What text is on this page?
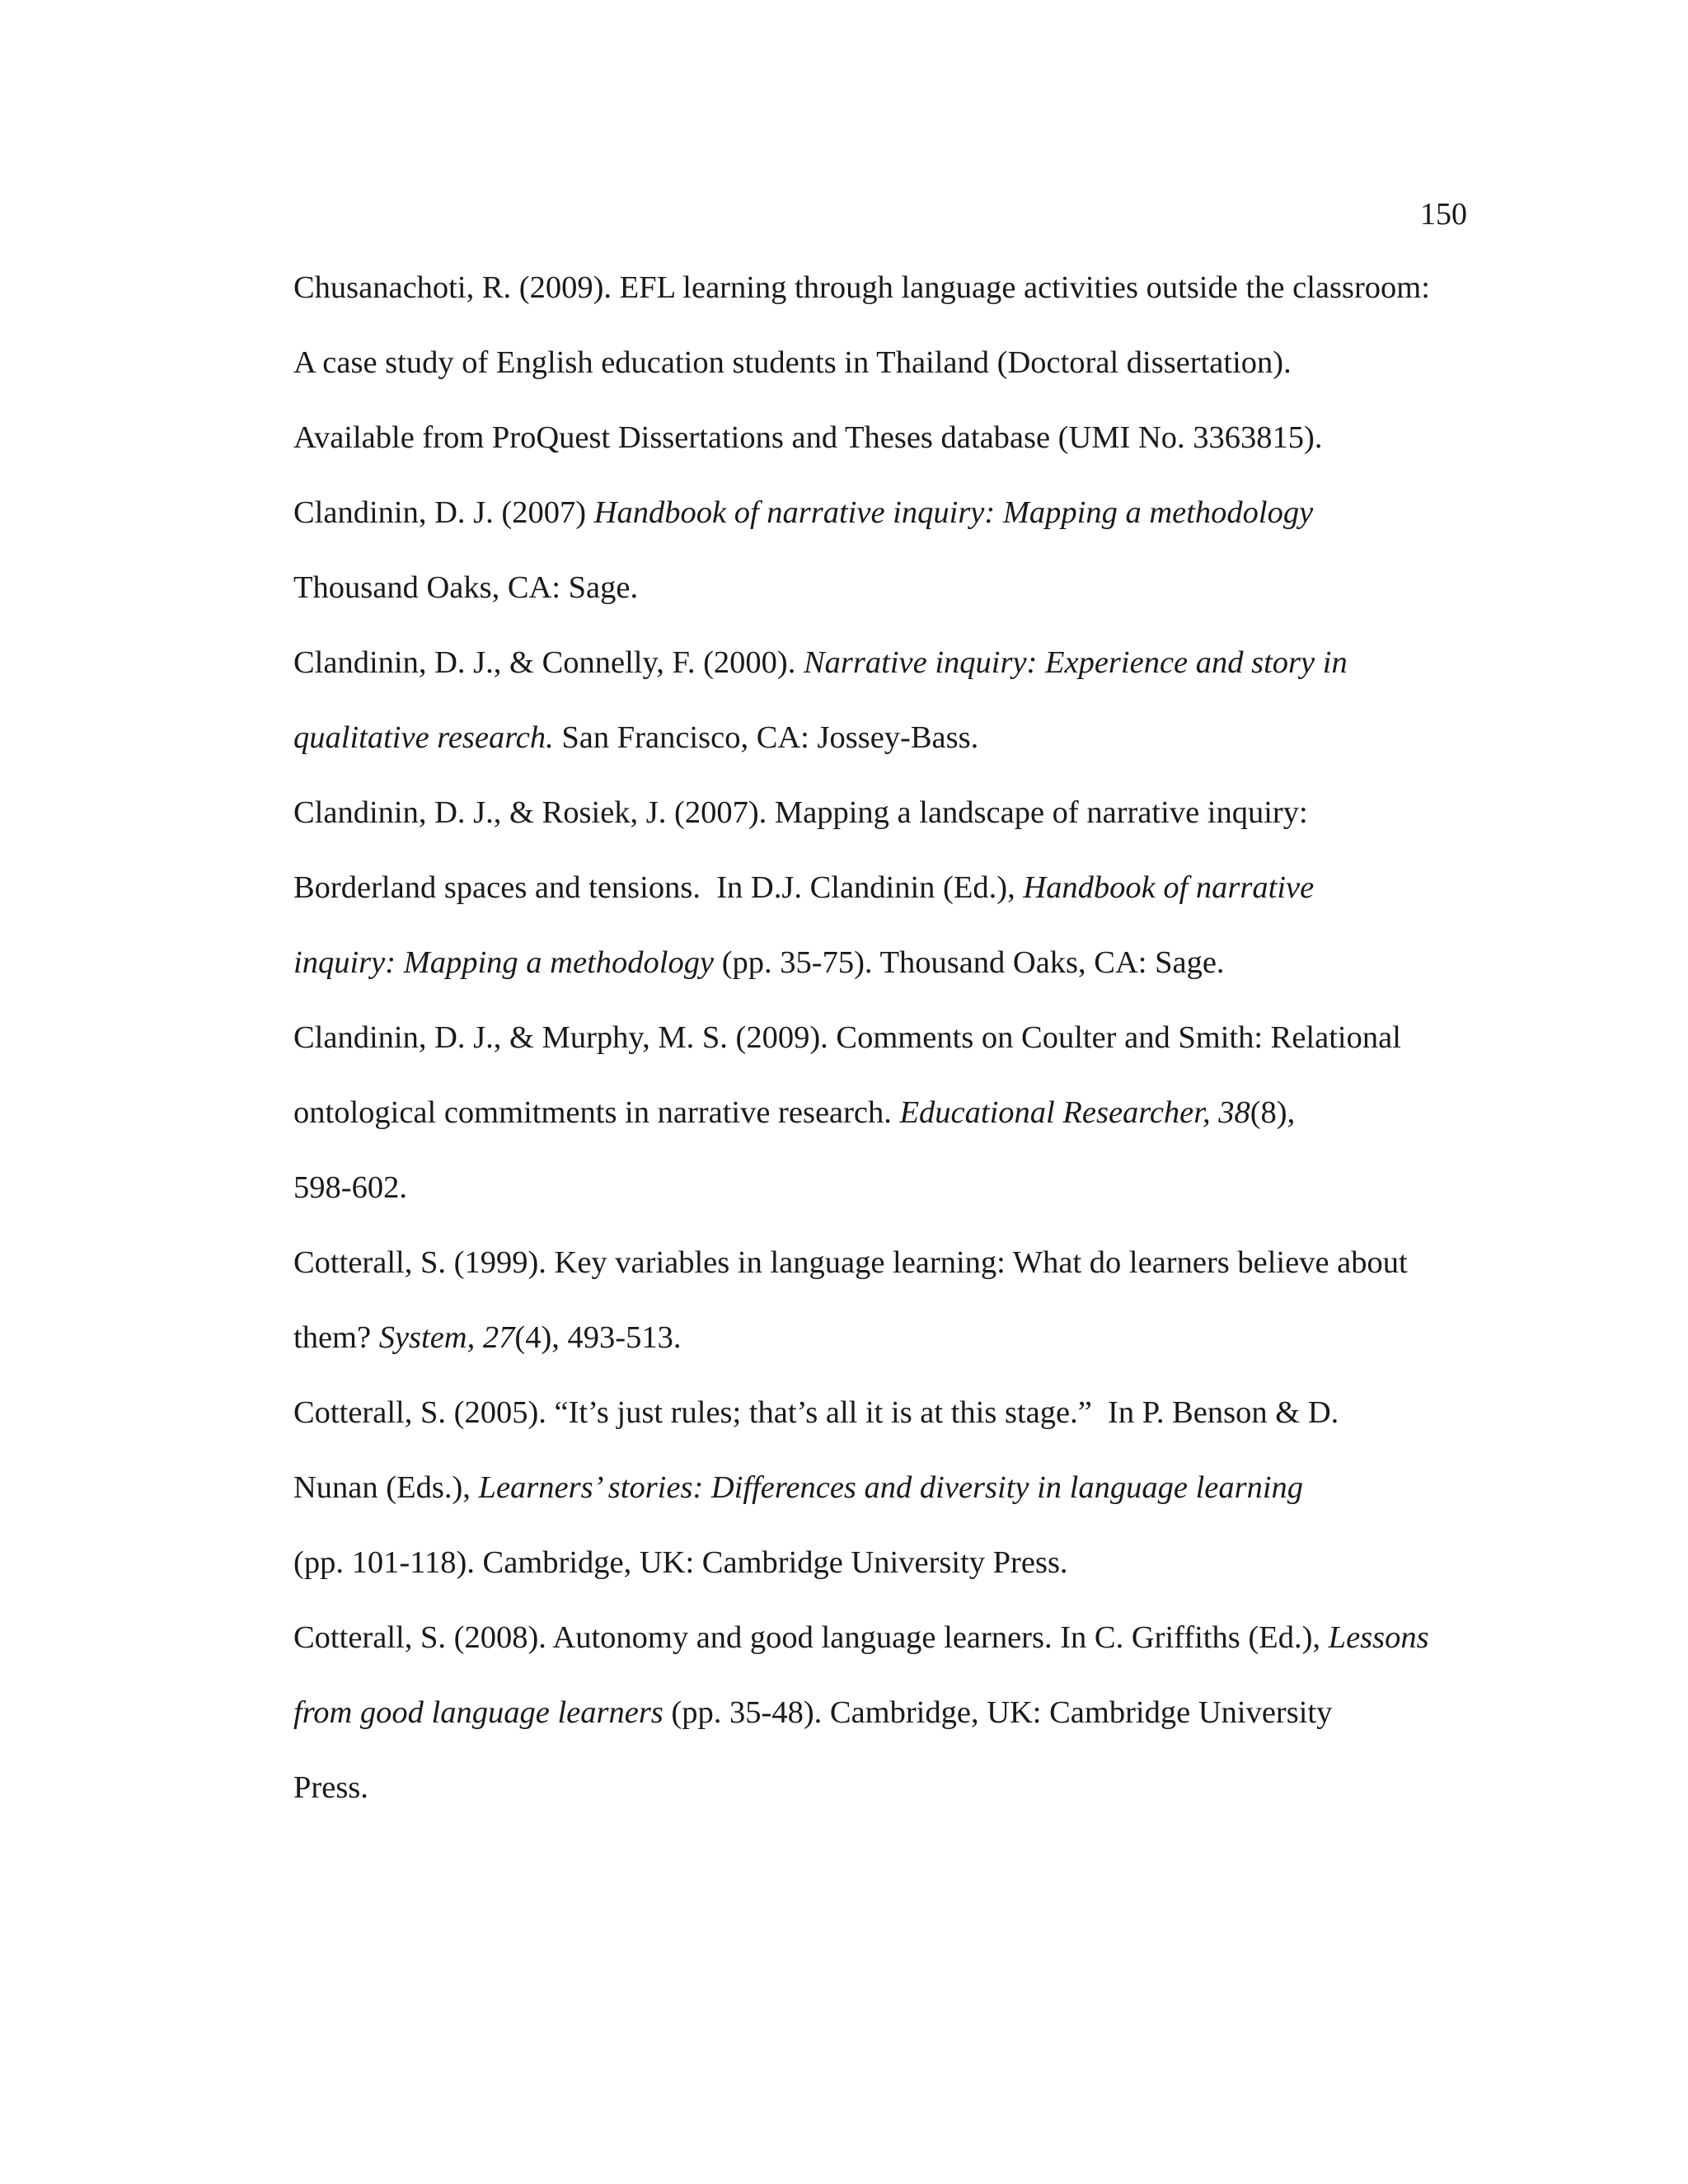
150

Chusanachoti, R. (2009). EFL learning through language activities outside the classroom:
A case study of English education students in Thailand (Doctoral dissertation).
Available from ProQuest Dissertations and Theses database (UMI No. 3363815).

Clandinin, D. J. (2007) Handbook of narrative inquiry: Mapping a methodology
Thousand Oaks, CA: Sage.

Clandinin, D. J., & Connelly, F. (2000). Narrative inquiry: Experience and story in
qualitative research. San Francisco, CA: Jossey-Bass.

Clandinin, D. J., & Rosiek, J. (2007). Mapping a landscape of narrative inquiry:
Borderland spaces and tensions.  In D.J. Clandinin (Ed.), Handbook of narrative
inquiry: Mapping a methodology (pp. 35-75). Thousand Oaks, CA: Sage.

Clandinin, D. J., & Murphy, M. S. (2009). Comments on Coulter and Smith: Relational
ontological commitments in narrative research. Educational Researcher, 38(8),
598-602.

Cotterall, S. (1999). Key variables in language learning: What do learners believe about
them? System, 27(4), 493-513.

Cotterall, S. (2005). “It’s just rules; that’s all it is at this stage.”  In P. Benson & D.
Nunan (Eds.), Learners’ stories: Differences and diversity in language learning
(pp. 101-118). Cambridge, UK: Cambridge University Press.

Cotterall, S. (2008). Autonomy and good language learners. In C. Griffiths (Ed.), Lessons
from good language learners (pp. 35-48). Cambridge, UK: Cambridge University
Press.
